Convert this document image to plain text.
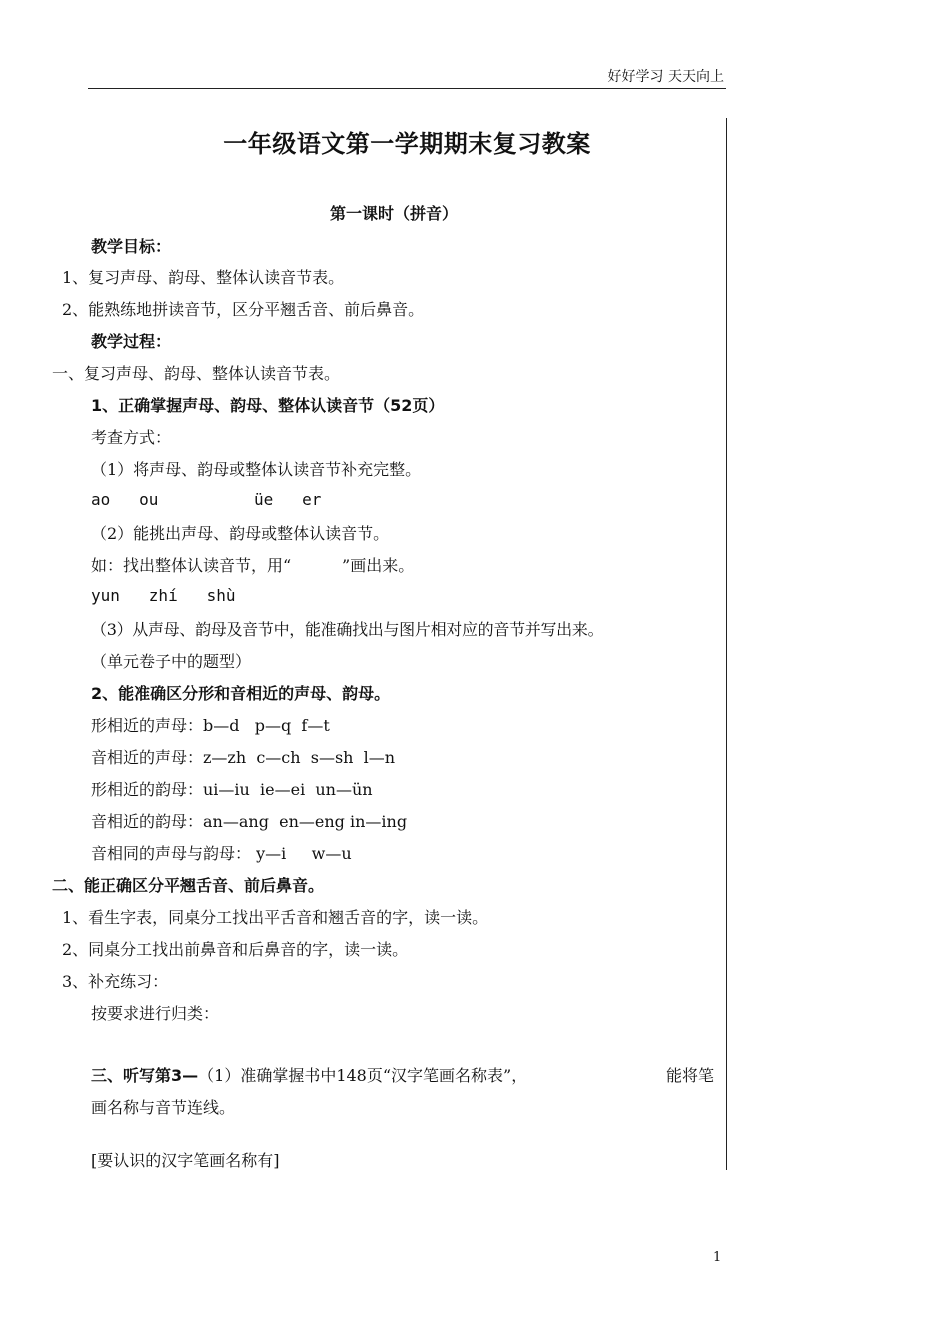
好好学习 天天向上
一年级语文第一学期期末复习教案
第一课时（拼音）
教学目标：
1、复习声母、韵母、整体认读音节表。
2、能熟练地拼读音节，区分平翘舌音、前后鼻音。
教学过程：
一、复习声母、韵母、整体认读音节表。
1、正确掌握声母、韵母、整体认读音节（52页）
考查方式：
（1）将声母、韵母或整体认读音节补充完整。
ao   ou	üe   er
（2）能挑出声母、韵母或整体认读音节。
如：找出整体认读音节，用“          ”画出来。
yun   zhí   shù
（3）从声母、韵母及音节中，能准确找出与图片相对应的音节并写出来。
（单元卷子中的题型）
2、能准确区分形和音相近的声母、韵母。
形相近的声母：b—d   p—q  f—t
音相近的声母：z—zh  c—ch  s—sh  l—n
形相近的韵母：ui—iu  ie—ei  un—ün
音相近的韵母：an—ang  en—eng in—ing
音相同的声母与韵母： y—i     w—u
二、能正确区分平翘舌音、前后鼻音。
1、看生字表，同桌分工找出平舌音和翘舌音的字，读一读。
2、同桌分工找出前鼻音和后鼻音的字，读一读。
3、补充练习：
按要求进行归类：
三、听写第3—（1）准确掌握书中148页“汉字笔画名称表”，	能将笔
画名称与音节连线。
[要认识的汉字笔画名称有]
1
